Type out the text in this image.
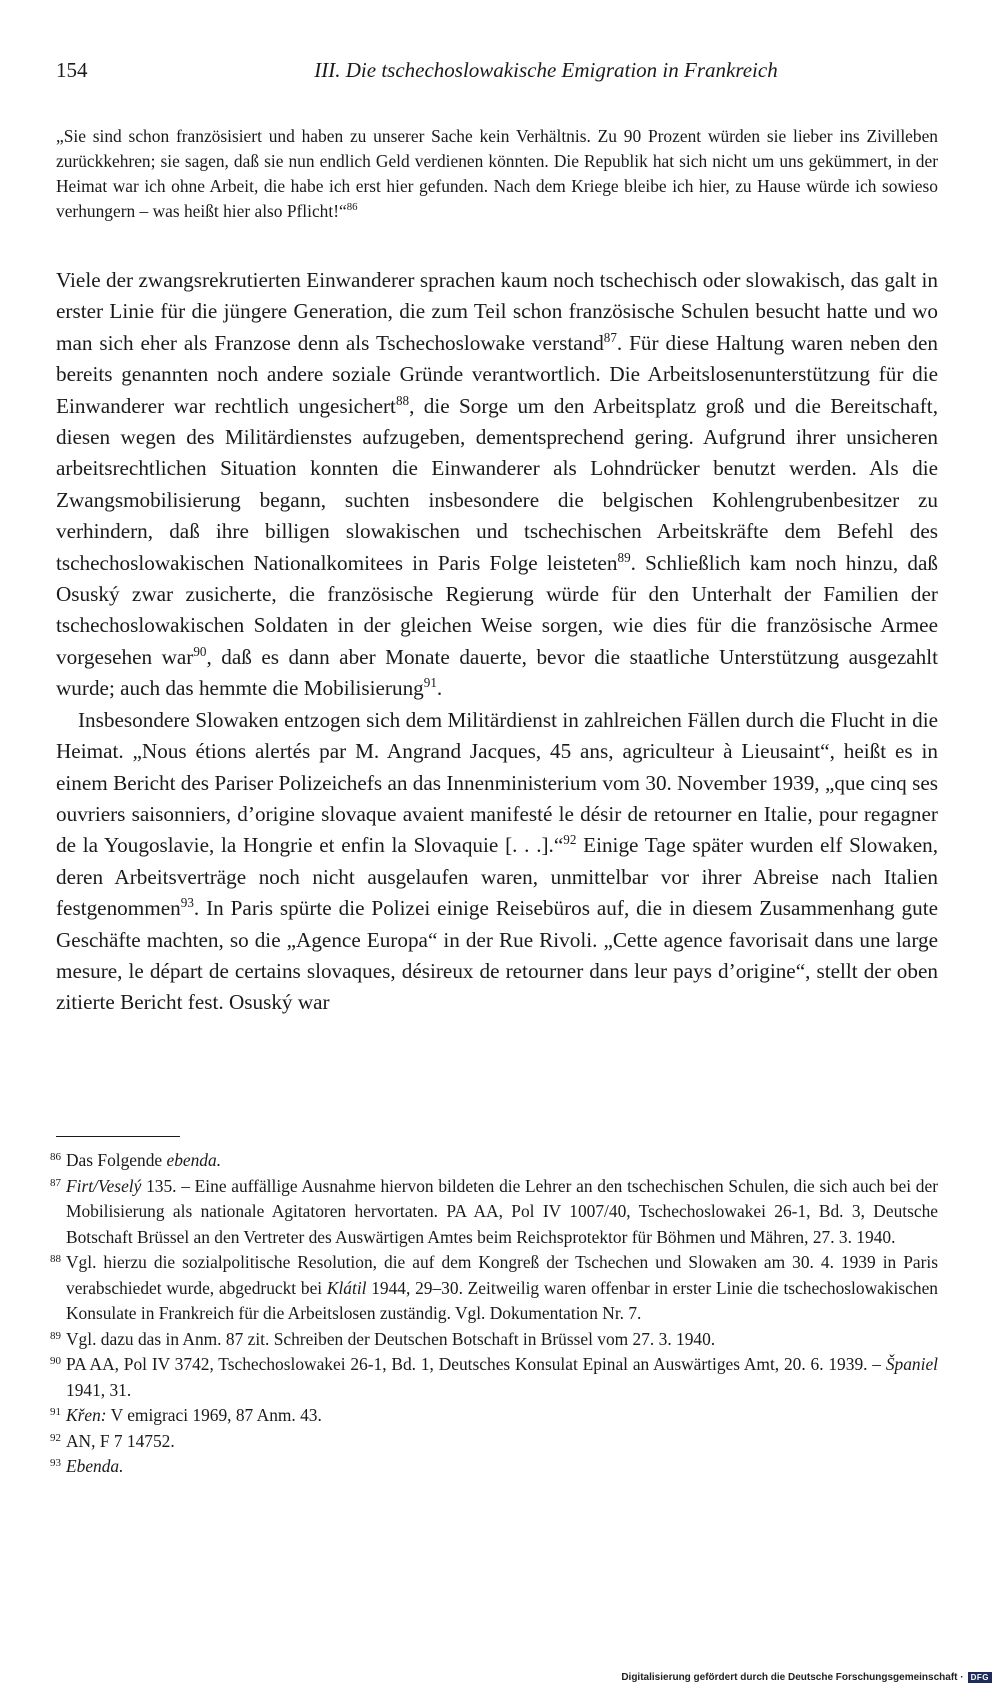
154	III. Die tschechoslowakische Emigration in Frankreich
„Sie sind schon französisiert und haben zu unserer Sache kein Verhältnis. Zu 90 Prozent würden sie lieber ins Zivilleben zurückkehren; sie sagen, daß sie nun endlich Geld verdienen könnten. Die Republik hat sich nicht um uns gekümmert, in der Heimat war ich ohne Arbeit, die habe ich erst hier gefunden. Nach dem Kriege bleibe ich hier, zu Hause würde ich sowieso verhungern – was heißt hier also Pflicht!“$^{86}$

Viele der zwangsrekrutierten Einwanderer sprachen kaum noch tschechisch oder slowakisch, das galt in erster Linie für die jüngere Generation, die zum Teil schon französische Schulen besucht hatte und wo man sich eher als Franzose denn als Tschechoslowake verstand$^{87}$. Für diese Haltung waren neben den bereits genannten noch andere soziale Gründe verantwortlich. Die Arbeitslosenunterstützung für die Einwanderer war rechtlich ungesichert$^{88}$, die Sorge um den Arbeitsplatz groß und die Bereitschaft, diesen wegen des Militärdienstes aufzugeben, dementsprechend gering. Aufgrund ihrer unsicheren arbeitsrechtlichen Situation konnten die Einwanderer als Lohndrücker benutzt werden. Als die Zwangsmobilisierung begann, suchten insbesondere die belgischen Kohlengrubenbesitzer zu verhindern, daß ihre billigen slowakischen und tschechischen Arbeitskräfte dem Befehl des tschechoslowakischen Nationalkomitees in Paris Folge leisteten$^{89}$. Schließlich kam noch hinzu, daß Osuský zwar zusicherte, die französische Regierung würde für den Unterhalt der Familien der tschechoslowakischen Soldaten in der gleichen Weise sorgen, wie dies für die französische Armee vorgesehen war$^{90}$, daß es dann aber Monate dauerte, bevor die staatliche Unterstützung ausgezahlt wurde; auch das hemmte die Mobilisierung$^{91}$.

Insbesondere Slowaken entzogen sich dem Militärdienst in zahlreichen Fällen durch die Flucht in die Heimat. „Nous étions alertés par M. Angrand Jacques, 45 ans, agriculteur à Lieusaint“, heißt es in einem Bericht des Pariser Polizeichefs an das Innenministerium vom 30. November 1939, „que cinq ses ouvriers saisonniers, d’origine slovaque avaient manifesté le désir de retourner en Italie, pour regagner de la Yougoslavie, la Hongrie et enfin la Slovaquie [. . .].“$^{92}$ Einige Tage später wurden elf Slowaken, deren Arbeitsverträge noch nicht ausgelaufen waren, unmittelbar vor ihrer Abreise nach Italien festgenommen$^{93}$. In Paris spürte die Polizei einige Reisebüros auf, die in diesem Zusammenhang gute Geschäfte machten, so die „Agence Europa“ in der Rue Rivoli. „Cette agence favorisait dans une large mesure, le départ de certains slovaques, désireux de retourner dans leur pays d’origine“, stellt der oben zitierte Bericht fest. Osuský war

86 Das Folgende ebenda.

87 Firt/Veselý 135. – Eine auffällige Ausnahme hiervon bildeten die Lehrer an den tschechischen Schulen, die sich auch bei der Mobilisierung als nationale Agitatoren hervortaten. PA AA, Pol IV 1007/40, Tschechoslowakei 26-1, Bd. 3, Deutsche Botschaft Brüssel an den Vertreter des Auswärtigen Amtes beim Reichsprotektor für Böhmen und Mähren, 27. 3. 1940.

88 Vgl. hierzu die sozialpolitische Resolution, die auf dem Kongreß der Tschechen und Slowaken am 30. 4. 1939 in Paris verabschiedet wurde, abgedruckt bei Klátil 1944, 29–30. Zeitweilig waren offenbar in erster Linie die tschechoslowakischen Konsulate in Frankreich für die Arbeitslosen zuständig. Vgl. Dokumentation Nr. 7.

89 Vgl. dazu das in Anm. 87 zit. Schreiben der Deutschen Botschaft in Brüssel vom 27. 3. 1940.

90 PA AA, Pol IV 3742, Tschechoslowakei 26-1, Bd. 1, Deutsches Konsulat Epinal an Auswärtiges Amt, 20. 6. 1939. – Španiel 1941, 31.

91 Křen: V emigraci 1969, 87 Anm. 43.

92 AN, F 7 14752.

93 Ebenda.

Digitalisierung gefördert durch die Deutsche Forschungsgemeinschaft · DFG
